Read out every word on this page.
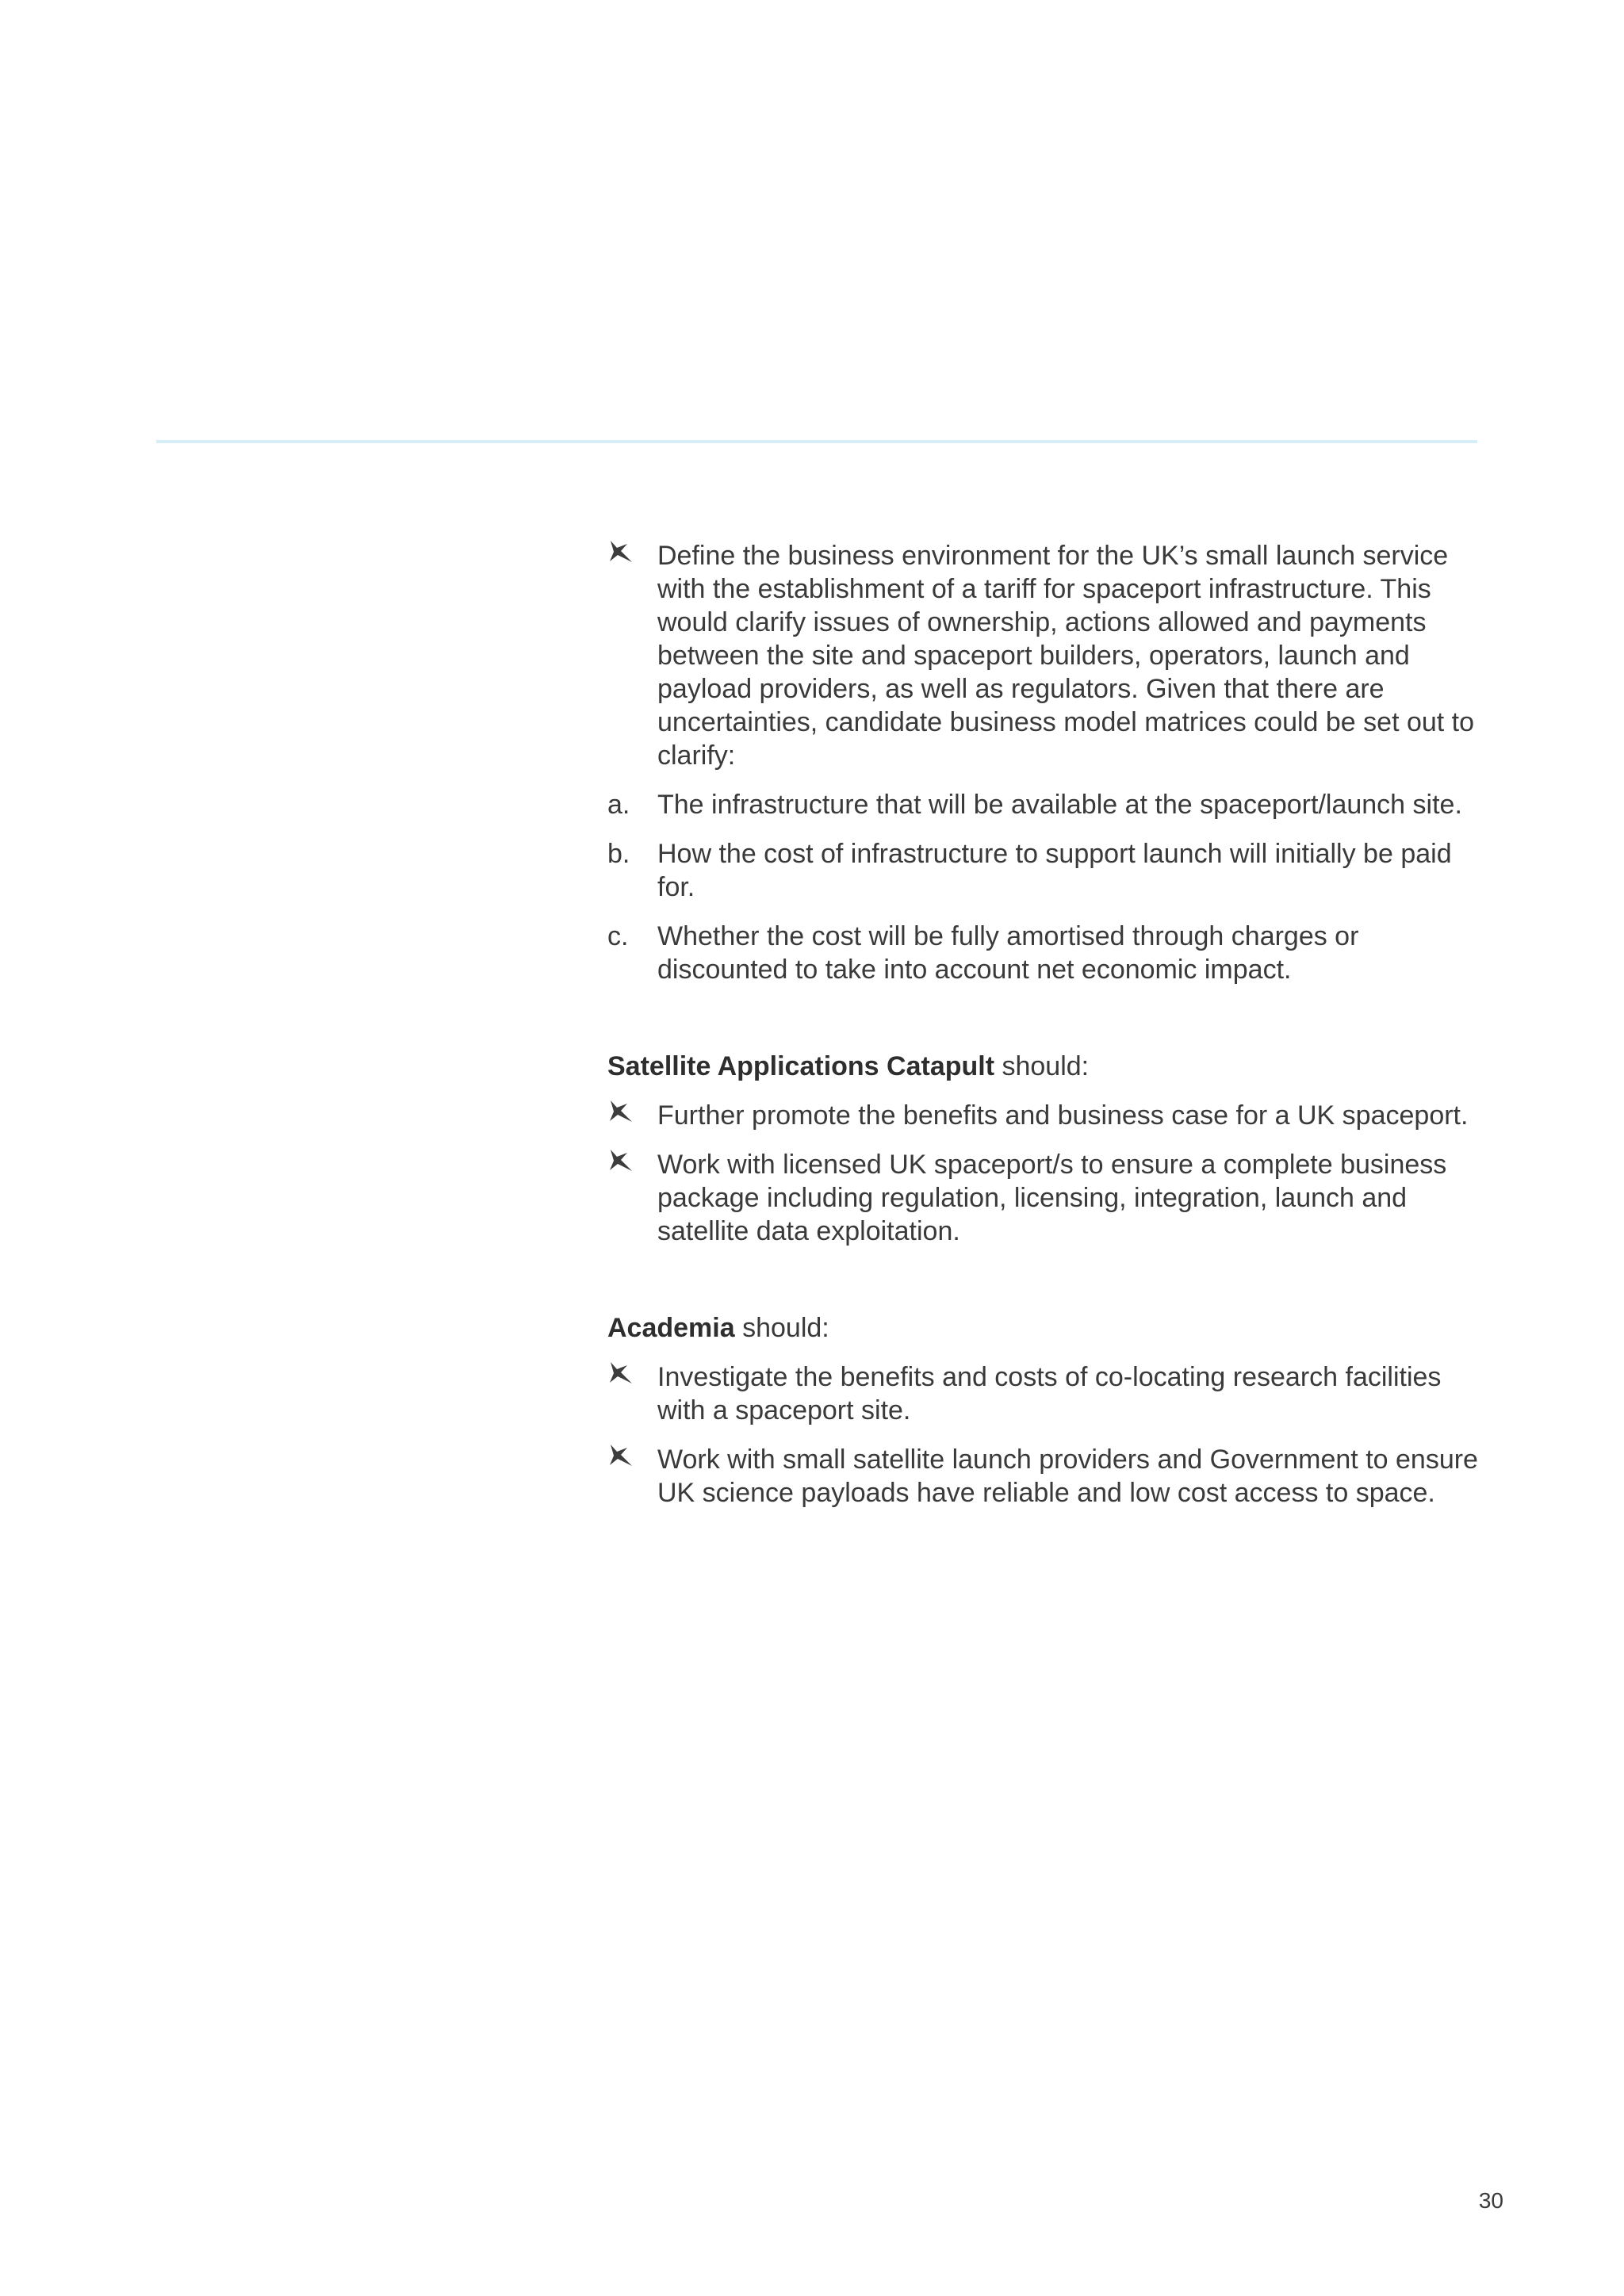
Define the business environment for the UK’s small launch service with the establishment of a tariff for spaceport infrastructure. This would clarify issues of ownership, actions allowed and payments between the site and spaceport builders, operators, launch and payload providers, as well as regulators. Given that there are uncertainties, candidate business model matrices could be set out to clarify:
a. The infrastructure that will be available at the spaceport/launch site.
b. How the cost of infrastructure to support launch will initially be paid for.
c. Whether the cost will be fully amortised through charges or discounted to take into account net economic impact.
Satellite Applications Catapult should:
Further promote the benefits and business case for a UK spaceport.
Work with licensed UK spaceport/s to ensure a complete business package including regulation, licensing, integration, launch and satellite data exploitation.
Academia should:
Investigate the benefits and costs of co-locating research facilities with a spaceport site.
Work with small satellite launch providers and Government to ensure UK science payloads have reliable and low cost access to space.
30
